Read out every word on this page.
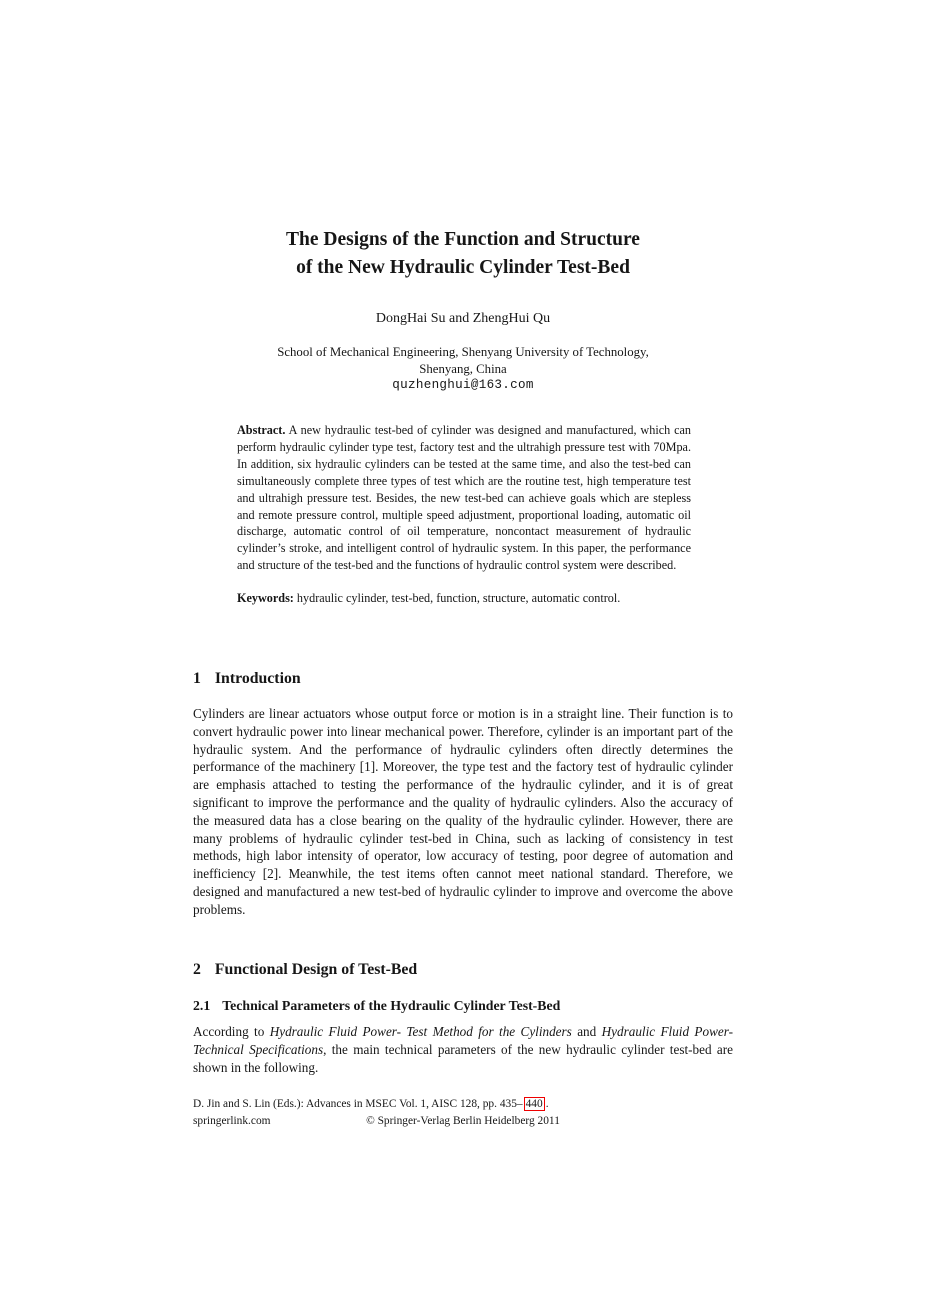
The Designs of the Function and Structure
of the New Hydraulic Cylinder Test-Bed
DongHai Su and ZhengHui Qu
School of Mechanical Engineering, Shenyang University of Technology,
Shenyang, China
quzhenghui@163.com

Abstract. A new hydraulic test-bed of cylinder was designed and manufactured, which can perform hydraulic cylinder type test, factory test and the ultrahigh pressure test with 70Mpa. In addition, six hydraulic cylinders can be tested at the same time, and also the test-bed can simultaneously complete three types of test which are the routine test, high temperature test and ultrahigh pressure test. Besides, the new test-bed can achieve goals which are stepless and remote pressure control, multiple speed adjustment, proportional loading, automatic oil discharge, automatic control of oil temperature, noncontact measurement of hydraulic cylinder’s stroke, and intelligent control of hydraulic system. In this paper, the performance and structure of the test-bed and the functions of hydraulic control system were described.

Keywords: hydraulic cylinder, test-bed, function, structure, automatic control.

1 Introduction

Cylinders are linear actuators whose output force or motion is in a straight line. Their function is to convert hydraulic power into linear mechanical power. Therefore, cylinder is an important part of the hydraulic system. And the performance of hydraulic cylinders often directly determines the performance of the machinery [1]. Moreover, the type test and the factory test of hydraulic cylinder are emphasis attached to testing the performance of the hydraulic cylinder, and it is of great significant to improve the performance and the quality of hydraulic cylinders. Also the accuracy of the measured data has a close bearing on the quality of the hydraulic cylinder. However, there are many problems of hydraulic cylinder test-bed in China, such as lacking of consistency in test methods, high labor intensity of operator, low accuracy of testing, poor degree of automation and inefficiency [2]. Meanwhile, the test items often cannot meet national standard. Therefore, we designed and manufactured a new test-bed of hydraulic cylinder to improve and overcome the above problems.

2 Functional Design of Test-Bed
2.1 Technical Parameters of the Hydraulic Cylinder Test-Bed

According to Hydraulic Fluid Power- Test Method for the Cylinders and Hydraulic Fluid Power-Technical Specifications, the main technical parameters of the new hydraulic cylinder test-bed are shown in the following.

D. Jin and S. Lin (Eds.): Advances in MSEC Vol. 1, AISC 128, pp. 435– 440 .
springerlink.com	© Springer-Verlag Berlin Heidelberg 2011
